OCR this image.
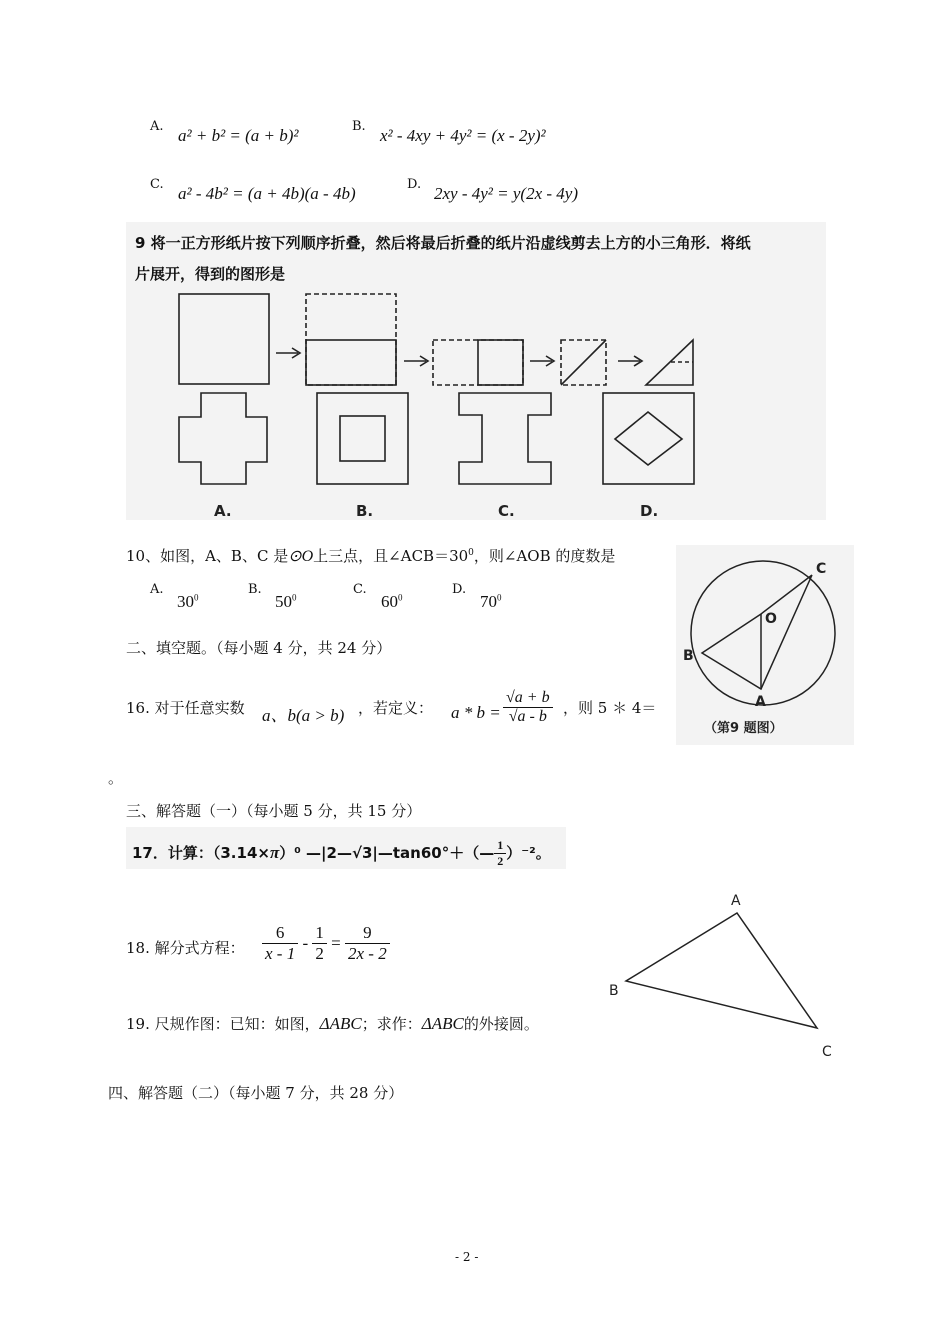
A. a² + b² = (a + b)²	B. x² - 4xy + 4y² = (x - 2y)²
C. a² - 4b² = (a + 4b)(a - 4b)	D. 2xy - 4y² = y(2x - 4y)
9 将一正方形纸片按下列顺序折叠，然后将最后折叠的纸片沿虚线剪去上方的小三角形．将纸
片展开，得到的图形是
A.	B.	C.	D.
10、如图，A、B、C 是⊙O上三点，且$\angle ACB=30^0$，则∠AOB 的度数是
A.
$30^0$
B.
$50^0$
C.
$60^0$
D.
$70^0$
C
O
B
A
（第9 题图）
二、填空题。（每小题 4 分，共 24 分）
16. 对于任意实数 a、b(a > b) ，若定义： $a * b = \frac{√a + b}{√a - b}$ ，则 5 ＊ 4＝
。
三、解答题（一）（每小题 5 分，共 15 分）
17．计算：（3.14×π）⁰ —|2—√3|—tan60°＋（— $\frac{1}{2} )^{-2}$。
18. 解分式方程： $\frac{6}{x - 1} - \frac{1}{2} = \frac{9}{2x - 2}$
19. 尺规作图：已知：如图，ΔABC；求作：ΔABC的外接圆。
A
B
C
四、解答题（二）（每小题 7 分，共 28 分）
- 2 -
